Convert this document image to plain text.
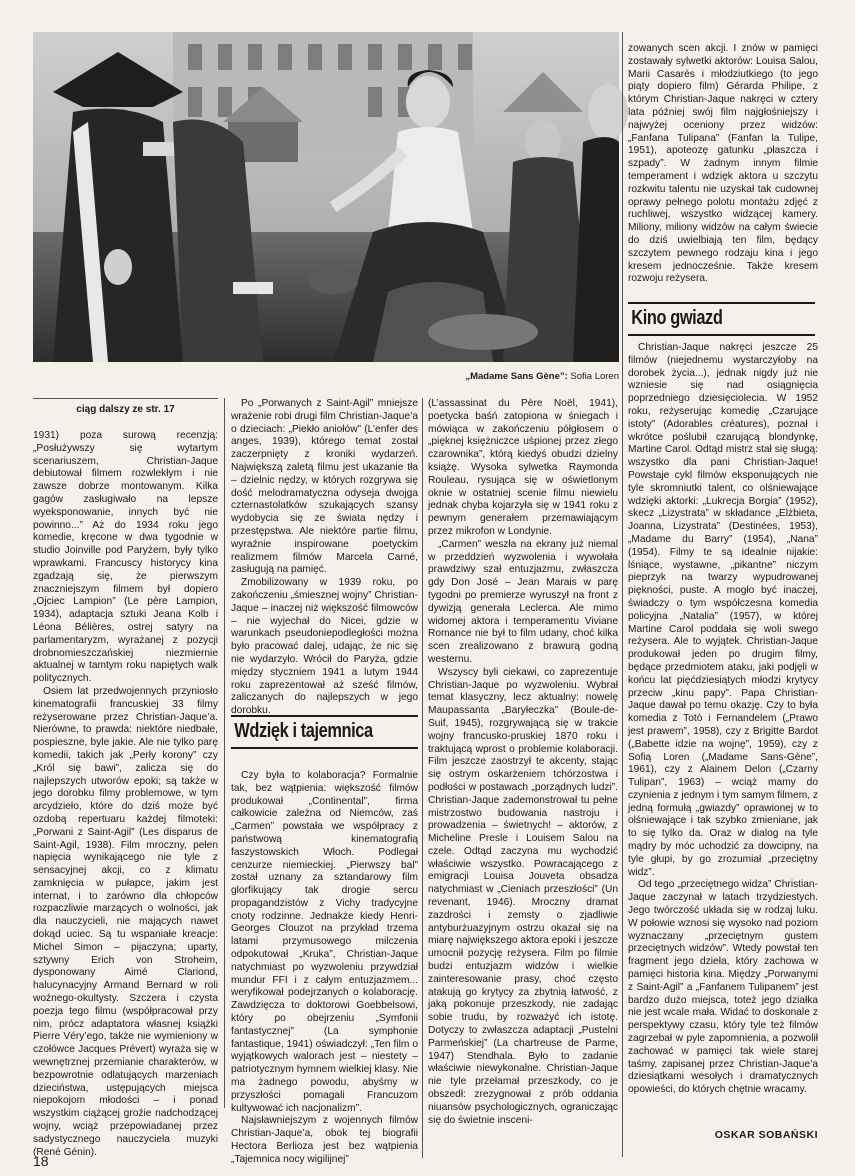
„Madame Sans Gène”: Sofia Loren
ciąg dalszy ze str. 17

1931) poza surową recenzją: „Posłużywszy się wytartym scenariuszem, Christian-Jaque debiutował filmem rozwlekłym i nie zawsze dobrze montowanym. Kilka gagów zasługiwało na lepsze wyeksponowanie, innych być nie powinno...” Aż do 1934 roku jego komedie, kręcone w dwa tygodnie w studio Joinville pod Paryżem, były tylko wprawkami. Francuscy historycy kina zgadzają się, że pierwszym znaczniejszym filmem był dopiero „Ojciec Lampion” (Le père Lampion, 1934), adaptacja sztuki Jeana Kolb i Léona Bélières, ostrej satyry na parlamentaryzm, wyrażanej z pozycji drobnomieszczańskiej niezmiernie aktualnej w tamtym roku napiętych walk politycznych.

Osiem lat przedwojennych przyniosło kinematografii francuskiej 33 filmy reżyserowane przez Christian-Jaque’a. Nierówne, to prawda: niektóre niedbałe, pospieszne, byle jakie. Ale nie tylko parę komedii, takich jak „Perły korony” czy „Król się bawi”, zalicza się do najlepszych utworów epoki; są także w jego dorobku filmy problemowe, w tym arcydzieło, które do dziś może być ozdobą repertuaru każdej filmoteki: „Porwani z Saint-Agil” (Les disparus de Saint-Agil, 1938). Film mroczny, pełen napięcia wynikającego nie tyle z sensacyjnej akcji, co z klimatu zamknięcia w pułapce, jakim jest internat, i to zarówno dla chłopców rozpaczliwie marzących o wolności, jak dla nauczycieli, nie mających nawet dokąd uciec. Są tu wspaniałe kreacje: Michel Simon – pijaczyna; uparty, sztywny Erich von Stroheim, dysponowany Aimé Clariond, halucynacyjny Armand Bernard w roli woźnego-okultysty. Szczera i czysta poezja tego filmu (współpracował przy nim, prócz adaptatora własnej książki Pierre Véry’ego, także nie wymieniony w czołówce Jacques Prévert) wyraża się w wewnętrznej przemianie charakterów, w bezpowrotnie odlatujących marzeniach dzieciństwa, ustępujących miejsca niepokojom młodości – i ponad wszystkim ciążącej groźie nadchodzącej wojny, wciąż przepowiadanej przez sadystycznego nauczyciela muzyki (René Génin).

Po „Porwanych z Saint-Agil” mniejsze wrażenie robi drugi film Christian-Jaque’a o dzieciach: „Piekło aniołów” (L’enfer des anges, 1939), którego temat został zaczerpnięty z kroniki wydarzeń. Największą zaletą filmu jest ukazanie tła – dzielnic nędzy, w których rozgrywa się dość melodramatyczna odyseja dwojga czternastolatków szukających szansy wydobycia się ze świata nędzy i przestępstwa. Ale niektóre partie filmu, wyraźnie inspirowane poetyckim realizmem filmów Marcela Carné, zasługują na pamięć.

Zmobilizowany w 1939 roku, po zakończeniu „śmiesznej wojny” Christian-Jaque – inaczej niż większość filmowców – nie wyjechał do Nicei, gdzie w warunkach pseudoniepodległości można było pracować dalej, udając, że nic się nie wydarzyło. Wrócił do Paryża, gdzie między styczniem 1941 a lutym 1944 roku zaprezentował aż sześć filmów, zaliczanych do najlepszych w jego dorobku.

Czy była to kolaboracja? Formalnie tak, bez wątpienia: większość filmów produkował „Continental”, firma całkowicie zależna od Niemców, zaś „Carmen” powstała we współpracy z państwową kinematografią faszystowskich Włoch. Podlegał cenzurze niemieckiej. „Pierwszy bal” został uznany za sztandarowy film glorfikujący tak drogie sercu propagandzistów z Vichy tradycyjne cnoty rodzinne. Jednakże kiedy Henri-Georges Clouzot na przykład trzema latami przymusowego milczenia odpokutował „Kruka”, Christian-Jaque natychmiast po wyzwoleniu przywdział mundur FFI i z całym entuzjazmem... weryfikował podejrzanych o kolaborację. Zawdzięcza to doktorowi Goebbelsowi, który po obejrzeniu „Symfonii fantastycznej” (La symphonie fantastique, 1941) oświadczył: „Ten film o wyjątkowych walorach jest – niestety – patriotycznym hymnem wielkiej klasy. Nie ma żadnego powodu, abyśmy w przyszłości pomagali Francuzom kultywować ich nacjonalizm”.

Najsławniejszym z wojennych filmów Christian-Jaque’a, obok tej biografii Hectora Berlioza jest bez wątpienia „Tajemnica nocy wigilijnej”

Wdzięk i tajemnica

(L’assassinat du Père Noël, 1941), poetycka baśń zatopiona w śniegach i mówiąca w zakończeniu półgłosem o „pięknej księżniczce uśpionej przez złego czarownika”, którą kiedyś obudzi dzielny książę. Wysoka sylwetka Raymonda Rouleau, rysująca się w oświetlonym oknie w ostatniej scenie filmu niewielu jednak chyba kojarzyła się w 1941 roku z pewnym generałem przemawiającym przez mikrofon w Londynie.

„Carmen” weszła na ekrany już niemal w przeddzień wyzwolenia i wywołała prawdziwy szał entuzjazmu, zwłaszcza gdy Don José – Jean Marais w parę tygodni po premierze wyruszył na front z dywizją generała Leclerca. Ale mimo widomej aktora i temperamentu Viviane Romance nie był to film udany, choć kilka scen zrealizowano z brawurą godną westernu.

Wszyscy byli ciekawi, co zaprezentuje Christian-Jaque po wyzwoleniu. Wybrał temat klasyczny, lecz aktualny: nowelę Maupassanta „Baryłeczka” (Boule-de-Suif, 1945), rozgrywającą się w trakcie wojny francusko-pruskiej 1870 roku i traktującą wprost o problemie kolaboracji. Film jeszcze zaostrzył te akcenty, stając się ostrym oskarżeniem tchórzostwa i podłości w postawach „porządnych ludzi”. Christian-Jaque zademonstrował tu pełne mistrzostwo budowania nastroju i prowadzenia – świetnych! – aktorów, z Micheline Presle i Louisem Salou na czele. Odtąd zaczyna mu wychodzić właściwie wszystko. Powracającego z emigracji Louisa Jouveta obsadza natychmiast w „Cieniach przeszłości” (Un revenant, 1946). Mroczny dramat zazdrości i zemsty o zjadliwie antyburżuazyjnym ostrzu okazał się na miarę największego aktora epoki i jeszcze umocnił pozycję reżysera. Film po filmie budzi entuzjazm widzów i wielkie zainteresowanie prasy, choć często atakują go krytycy za zbytnią łatwość, z jaką pokonuje przeszkody, nie zadając sobie trudu, by rozważyć ich istotę. Dotyczy to zwłaszcza adaptacji „Pustelni Parmeńskiej” (La chartreuse de Parme, 1947) Stendhala. Było to zadanie właściwie niewykonalne. Christian-Jaque nie tyle przełamał przeszkody, co je obszedł: zrezygnował z prób oddania niuansów psychologicznych, ograniczając się do świetnie insceni-

zowanych scen akcji. I znów w pamięci zostawały sylwetki aktorów: Louisa Salou, Marii Casarès i młodziutkiego (to jego piąty dopiero film) Gérarda Philipe, z którym Christian-Jaque nakręci w cztery lata później swój film najgłośniejszy i najwyżej oceniony przez widzów: „Fanfana Tulipana” (Fanfan la Tulipe, 1951), apoteozę gatunku „płaszcza i szpady”. W żadnym innym filmie temperament i wdzięk aktora u szczytu rozkwitu talentu nie uzyskał tak cudownej oprawy pełnego polotu montażu zdjęć z ruchliwej, wszystko widzącej kamery. Miliony, miliony widzów na całym świecie do dziś uwielbiają ten film, będący szczytem pewnego rodzaju kina i jego kresem jednocześnie. Także kresem rozwoju reżysera.

Kino gwiazd

Christian-Jaque nakręci jeszcze 25 filmów (niejednemu wystarczyłoby na dorobek życia...), jednak nigdy już nie wzniesie się nad osiągnięcia poprzedniego dziesięciolecia. W 1952 roku, reżyserując komedię „Czarujące istoty” (Adorables créatures), poznał i wkrótce poślubił czarującą blondynkę, Martine Carol. Odtąd mistrz stał się sługą: wszystko dla pani Christian-Jaque! Powstaje cykl filmów eksponujących nie tyle skromniutki talent, co olśniewające wdzięki aktorki: „Lukrecja Borgia” (1952), skecz „Lizystrata” w składance „Elżbieta, Joanna, Lizystrata” (Destinées, 1953), „Madame du Barry” (1954), „Nana” (1954). Filmy te są idealnie nijakie: lśniące, wystawne, „pikantne” niczym pieprzyk na twarzy wypudrowanej piękności, puste. A mogło być inaczej, świadczy o tym współczesna komedia policyjna „Natalia” (1957), w której Martine Carol poddała się woli swego reżysera. Ale to wyjątek. Christian-Jaque produkował jeden po drugim filmy, będące przedmiotem ataku, jaki podjęli w końcu lat pięćdziesiątych młodzi krytycy przeciw „kinu papy”. Papa Christian-Jaque dawał po temu okazję. Czy to była komedia z Totò i Fernandelem („Prawo jest prawem”, 1958), czy z Brigitte Bardot („Babette idzie na wojnę”, 1959), czy z Sofią Loren („Madame Sans-Gène”, 1961), czy z Alainem Delon („Czarny Tulipan”, 1963) – wciąż mamy do czynienia z jednym i tym samym filmem, z jedną formułą „gwiazdy” oprawionej w to olśniewające i tak szybko zmieniane, jak to się tylko da. Oraz w dialog na tyle mądry by móc uchodzić za dowcipny, na tyle głupi, by go zrozumiał „przeciętny widz”.

Od tego „przeciętnego widza” Christian-Jaque zaczynał w latach trzydziestych. Jego twórczość układa się w rodzaj luku. W połowie wznosi się wysoko nad poziom wyznaczany „przeciętnym gustem przeciętnych widzów”. Wtedy powstał ten fragment jego dzieła, który zachowa w pamięci historia kina. Między „Porwanymi z Saint-Agil” a „Fanfanem Tulipanem” jest bardzo dużo miejsca, toteż jego działka nie jest wcale mała. Widać to doskonale z perspektywy czasu, który tyle też filmów zagrzebał w pyle zapomnienia, a pozwolił zachować w pamięci tak wiele starej taśmy, zapisanej przez Christian-Jaque’a dziesiątkami wesołych i dramatycznych opowieści, do których chętnie wracamy.

OSKAR SOBAŃSKI
18
